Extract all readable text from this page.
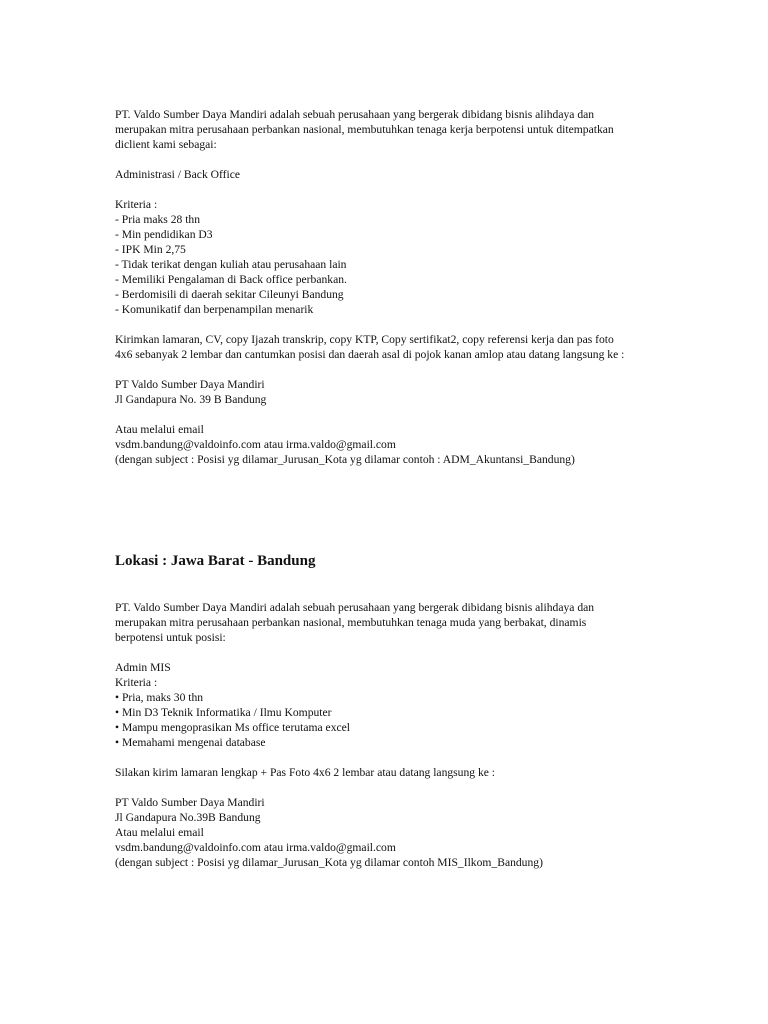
PT. Valdo Sumber Daya Mandiri adalah sebuah perusahaan yang bergerak dibidang bisnis alihdaya dan
merupakan mitra perusahaan perbankan nasional, membutuhkan tenaga kerja berpotensi untuk ditempatkan
diclient kami sebagai:

Administrasi / Back Office
Kriteria :
- Pria maks 28 thn
- Min pendidikan D3
- IPK Min 2,75
- Tidak terikat dengan kuliah atau perusahaan lain
- Memiliki Pengalaman di Back office perbankan.
- Berdomisili di daerah sekitar Cileunyi Bandung
- Komunikatif dan berpenampilan menarik
Kirimkan lamaran, CV, copy Ijazah transkrip, copy KTP, Copy sertifikat2, copy referensi kerja dan pas foto
4x6 sebanyak 2 lembar dan cantumkan posisi dan daerah asal di pojok kanan amlop atau datang langsung ke :
PT Valdo Sumber Daya Mandiri
Jl Gandapura No. 39 B Bandung
Atau melalui email
vsdm.bandung@valdoinfo.com atau irma.valdo@gmail.com
(dengan subject : Posisi yg dilamar_Jurusan_Kota yg dilamar contoh : ADM_Akuntansi_Bandung)
Lokasi : Jawa Barat - Bandung

PT. Valdo Sumber Daya Mandiri adalah sebuah perusahaan yang bergerak dibidang bisnis alihdaya dan
merupakan mitra perusahaan perbankan nasional, membutuhkan tenaga muda yang berbakat, dinamis
berpotensi untuk posisi:

Admin MIS
Kriteria :
• Pria, maks 30 thn
• Min D3 Teknik Informatika / Ilmu Komputer
• Mampu mengoprasikan Ms office terutama excel
• Memahami mengenai database
Silakan kirim lamaran lengkap + Pas Foto 4x6 2 lembar atau datang langsung ke :
PT Valdo Sumber Daya Mandiri
Jl Gandapura No.39B Bandung
Atau melalui email
vsdm.bandung@valdoinfo.com atau irma.valdo@gmail.com
(dengan subject : Posisi yg dilamar_Jurusan_Kota yg dilamar contoh MIS_Ilkom_Bandung)
